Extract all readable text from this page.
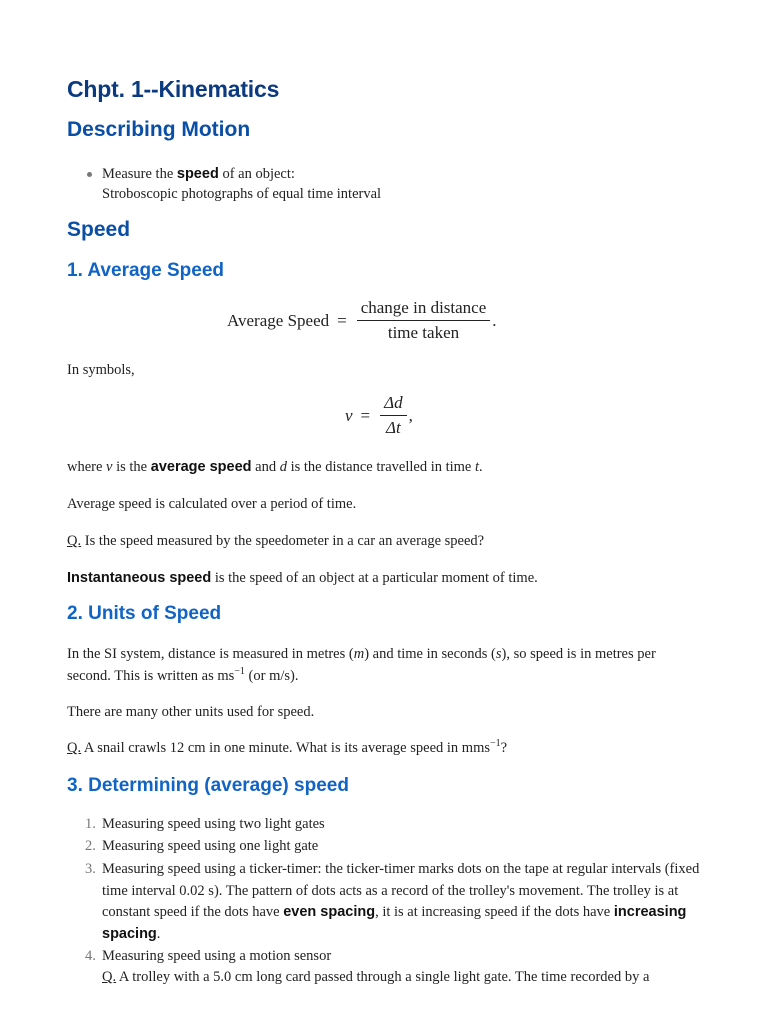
Chpt. 1--Kinematics
Describing Motion
Measure the speed of an object:
Stroboscopic photographs of equal time interval
Speed
1. Average Speed
Average Speed = $\frac{\text{change in distance}}{\text{time taken}}$ .
In symbols,
$v = \frac{\Delta d}{\Delta t}$ ,
where v is the average speed and d is the distance travelled in time t.
Average speed is calculated over a period of time.
Q. Is the speed measured by the speedometer in a car an average speed?
Instantaneous speed is the speed of an object at a particular moment of time.
2. Units of Speed
In the SI system, distance is measured in metres (m) and time in seconds (s), so speed is in metres per
second. This is written as $ms^{-1}$ (or m/s).
There are many other units used for speed.
Q. A snail crawls 12 cm in one minute. What is its average speed in mms$^{-1}$?
3. Determining (average) speed
1. Measuring speed using two light gates
2. Measuring speed using one light gate
3. Measuring speed using a ticker-timer: the ticker-timer marks dots on the tape at regular intervals (fixed time interval 0.02 s). The pattern of dots acts as a record of the trolley's movement. The trolley is at constant speed if the dots have even spacing, it is at increasing speed if the dots have increasing spacing.
4. Measuring speed using a motion sensor
Q. A trolley with a 5.0 cm long card passed through a single light gate. The time recorded by a
